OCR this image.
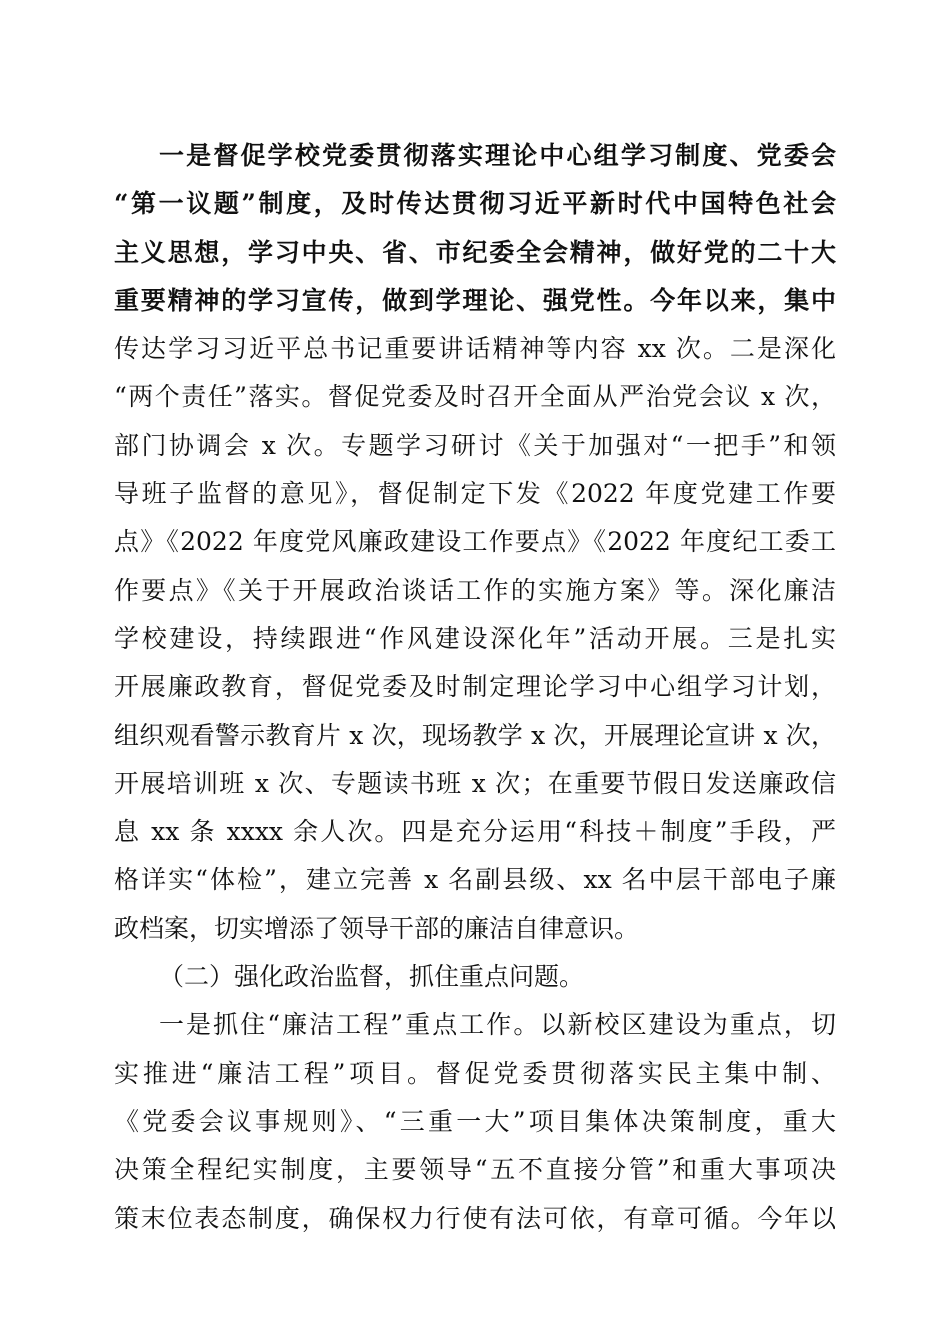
一是督促学校党委贯彻落实理论中心组学习制度、党委会
“第一议题”制度，及时传达贯彻习近平新时代中国特色社会
主义思想，学习中央、省、市纪委全会精神，做好党的二十大
重要精神的学习宣传，做到学理论、强党性。今年以来，集中
传达学习习近平总书记重要讲话精神等内容 xx 次。二是深化
“两个责任”落实。督促党委及时召开全面从严治党会议 x 次，
部门协调会 x 次。专题学习研讨《关于加强对“一把手”和领
导班子监督的意见》，督促制定下发《2022 年度党建工作要
点》《2022 年度党风廉政建设工作要点》《2022 年度纪工委工
作要点》《关于开展政治谈话工作的实施方案》等。深化廉洁
学校建设，持续跟进“作风建设深化年”活动开展。三是扎实
开展廉政教育，督促党委及时制定理论学习中心组学习计划，
组织观看警示教育片 x 次，现场教学 x 次，开展理论宣讲 x 次，
开展培训班 x 次、专题读书班 x 次；在重要节假日发送廉政信
息 xx 条 xxxx 余人次。四是充分运用“科技＋制度”手段，严
格详实“体检”，建立完善 x 名副县级、xx 名中层干部电子廉
政档案，切实增添了领导干部的廉洁自律意识。
（二）强化政治监督，抓住重点问题。
一是抓住“廉洁工程”重点工作。以新校区建设为重点，切
实推进“廉洁工程”项目。督促党委贯彻落实民主集中制、
《党委会议事规则》、“三重一大”项目集体决策制度，重大
决策全程纪实制度，主要领导“五不直接分管”和重大事项决
策末位表态制度，确保权力行使有法可依，有章可循。今年以
